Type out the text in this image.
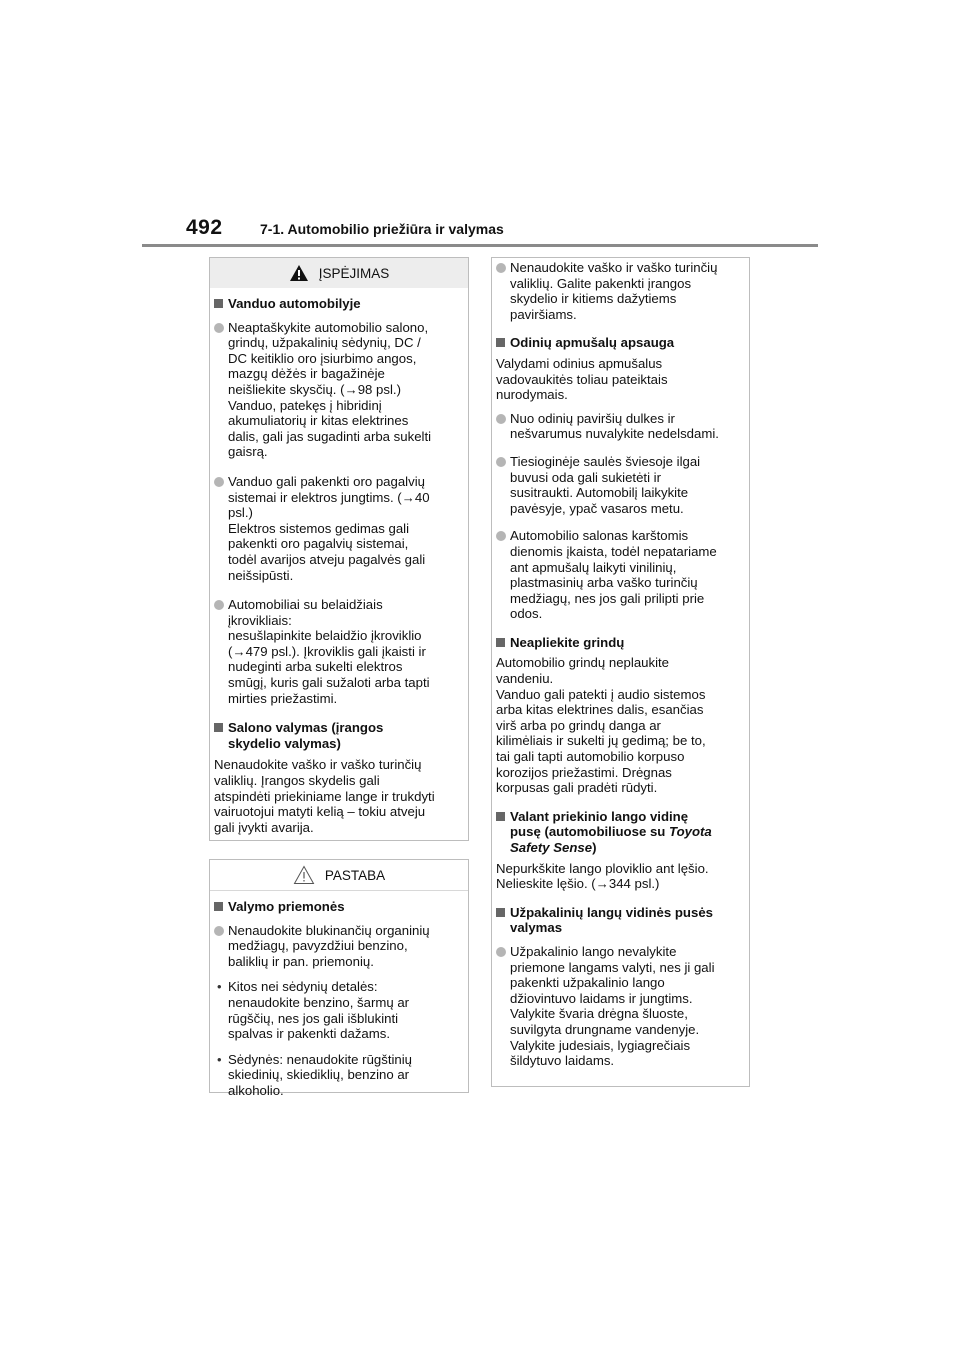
492	7-1. Automobilio priežiūra ir valymas
ĮSPĖJIMAS
Vanduo automobilyje
Neaptaškykite automobilio salono,
grindų, užpakalinių sėdynių, DC /
DC keitiklio oro įsiurbimo angos,
mazgų dėžės ir bagažinėje
neišliekite skysčių. (→98 psl.)
Vanduo, patekęs į hibridinį
akumuliatorių ir kitas elektrines
dalis, gali jas sugadinti arba sukelti
gaisrą.
Vanduo gali pakenkti oro pagalvių
sistemai ir elektros jungtims. (→40
psl.)
Elektros sistemos gedimas gali
pakenkti oro pagalvių sistemai,
todėl avarijos atveju pagalvės gali
neišsipūsti.
Automobiliai su belaidžiais
įkrovikliais:
nesušlapinkite belaidžio įkroviklio
(→479 psl.). Įkroviklis gali įkaisti ir
nudeginti arba sukelti elektros
smūgį, kuris gali sužaloti arba tapti
mirties priežastimi.
Salono valymas (įrangos
skydelio valymas)
Nenaudokite vaško ir vaško turinčių
valiklių. Įrangos skydelis gali
atspindėti priekiniame lange ir trukdyti
vairuotojui matyti kelią – tokiu atveju
gali įvykti avarija.
PASTABA
Valymo priemonės
Nenaudokite blukinančių organinių
medžiagų, pavyzdžiui benzino,
baliklių ir pan. priemonių.
• Kitos nei sėdynių detalės:
nenaudokite benzino, šarmų ar
rūgščių, nes jos gali išblukinti
spalvas ir pakenkti dažams.
• Sėdynės: nenaudokite rūgštinių
skiedinių, skiediklių, benzino ar
alkoholio.
Nenaudokite vaško ir vaško turinčių
valiklių. Galite pakenkti įrangos
skydelio ir kitiems dažytiems
paviršiams.
Odinių apmušalų apsauga
Valydami odinius apmušalus
vadovaukitės toliau pateiktais
nurodymais.
Nuo odinių paviršių dulkes ir
nešvarumus nuvalykite nedelsdami.
Tiesioginėje saulės šviesoje ilgai
buvusi oda gali sukietėti ir
susitraukti. Automobilį laikykite
pavėsyje, ypač vasaros metu.
Automobilio salonas karštomis
dienomis įkaista, todėl nepatariame
ant apmušalų laikyti vinilinių,
plastmasinių arba vaško turinčių
medžiagų, nes jos gali prilipti prie
odos.
Neapliekite grindų
Automobilio grindų neplaukite
vandeniu.
Vanduo gali patekti į audio sistemos
arba kitas elektrines dalis, esančias
virš arba po grindų danga ar
kilimėliais ir sukelti jų gedimą; be to,
tai gali tapti automobilio korpuso
korozijos priežastimi. Drėgnas
korpusas gali pradėti rūdyti.
Valant priekinio lango vidinę
pusę (automobiliuose su Toyota
Safety Sense)
Nepurkškite lango ploviklio ant lęšio.
Nelieskite lęšio. (→344 psl.)
Užpakalinių langų vidinės pusės
valymas
Užpakalinio lango nevalykite
priemone langams valyti, nes ji gali
pakenkti užpakalinio lango
džiovintuvo laidams ir jungtims.
Valykite švaria drėgna šluoste,
suvilgyta drungname vandenyje.
Valykite judesiais, lygiagrečiais
šildytuvo laidams.
